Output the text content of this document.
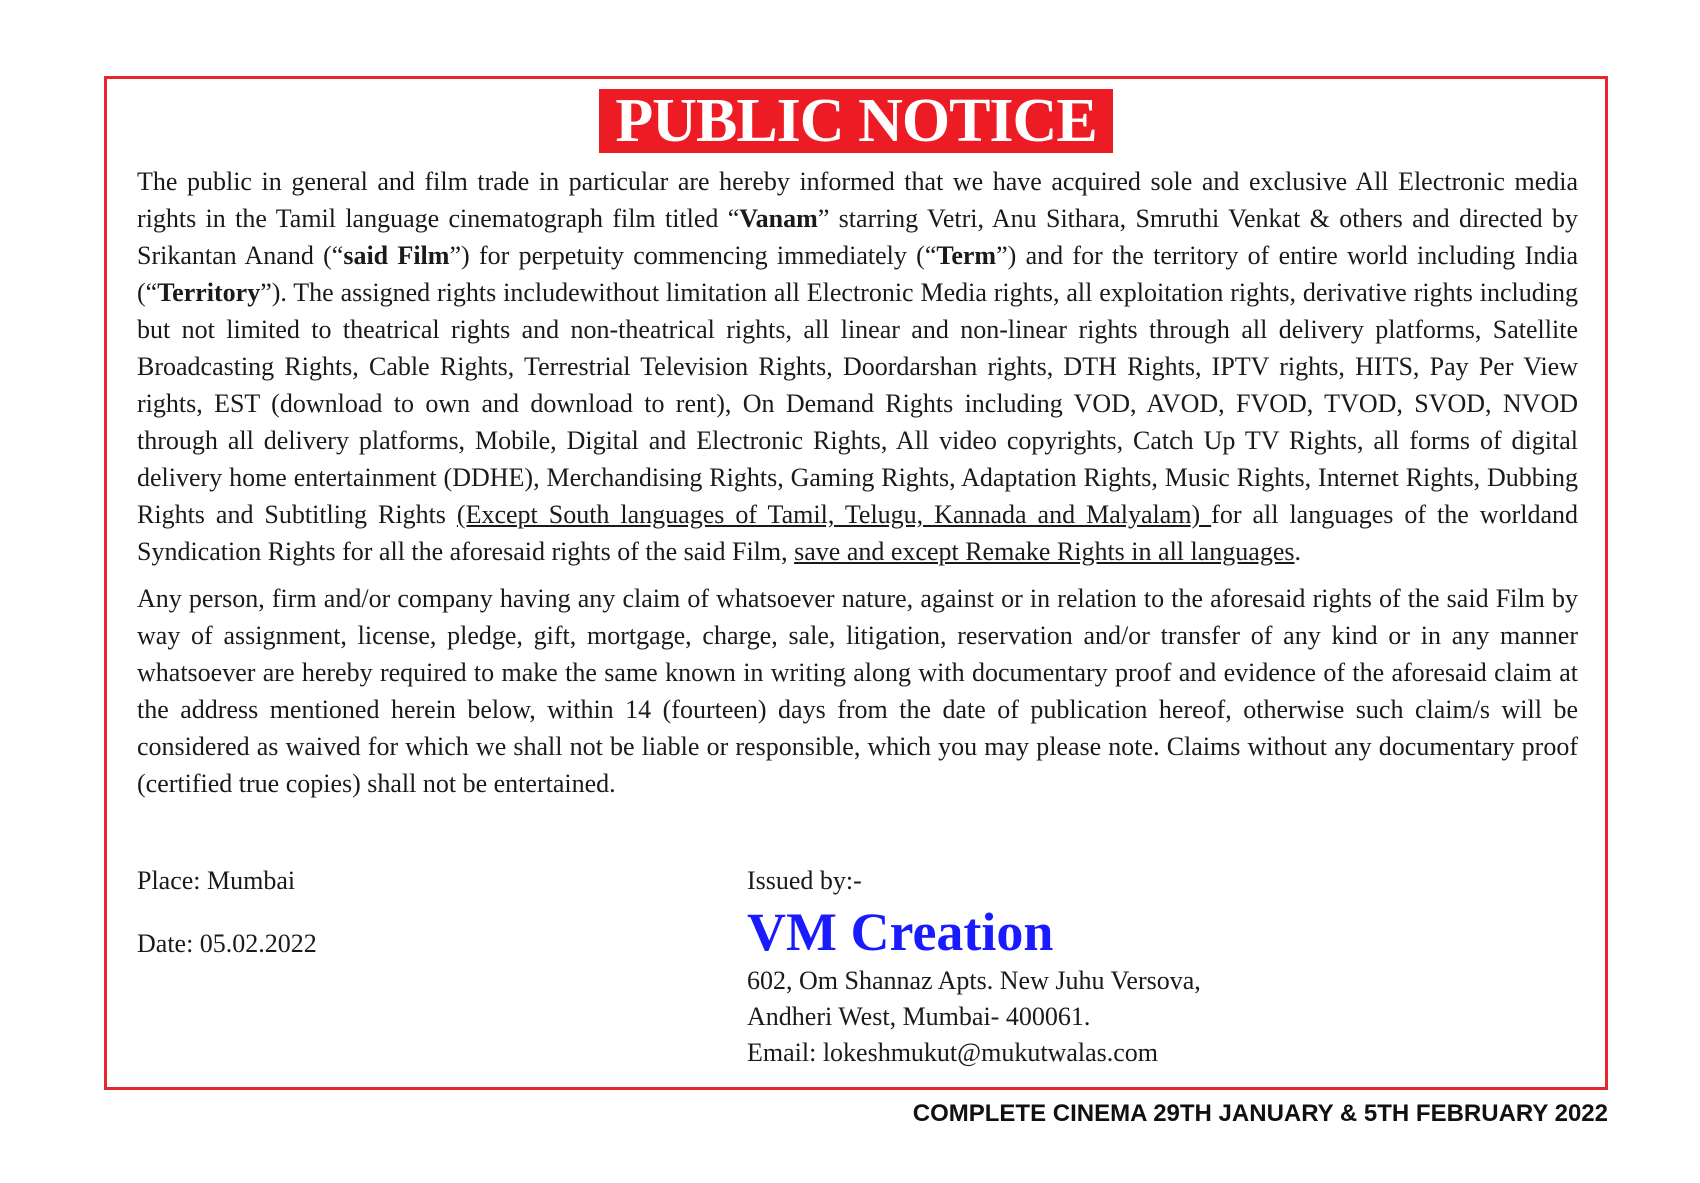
PUBLIC NOTICE

The public in general and film trade in particular are hereby informed that we have acquired sole and exclusive All Electronic media rights in the Tamil language cinematograph film titled “Vanam” starring Vetri, Anu Sithara, Smruthi Venkat & others and directed by Srikantan Anand (“said Film”) for perpetuity commencing immediately (“Term”) and for the territory of entire world including India (“Territory”). The assigned rights includewithout limitation all Electronic Media rights, all exploitation rights, derivative rights including but not limited to theatrical rights and non-theatrical rights, all linear and non-linear rights through all delivery platforms, Satellite Broadcasting Rights, Cable Rights, Terrestrial Television Rights, Doordarshan rights, DTH Rights, IPTV rights, HITS, Pay Per View rights, EST (download to own and download to rent), On Demand Rights including VOD, AVOD, FVOD, TVOD, SVOD, NVOD through all delivery platforms, Mobile, Digital and Electronic Rights, All video copyrights, Catch Up TV Rights, all forms of digital delivery home entertainment (DDHE), Merchandising Rights, Gaming Rights, Adaptation Rights, Music Rights, Internet Rights, Dubbing Rights and Subtitling Rights (Except South languages of Tamil, Telugu, Kannada and Malyalam) for all languages of the worldand Syndication Rights for all the aforesaid rights of the said Film, save and except Remake Rights in all languages.

Any person, firm and/or company having any claim of whatsoever nature, against or in relation to the aforesaid rights of the said Film by way of assignment, license, pledge, gift, mortgage, charge, sale, litigation, reservation and/or transfer of any kind or in any manner whatsoever are hereby required to make the same known in writing along with documentary proof and evidence of the aforesaid claim at the address mentioned herein below, within 14 (fourteen) days from the date of publication hereof, otherwise such claim/s will be considered as waived for which we shall not be liable or responsible, which you may please note. Claims without any documentary proof (certified true copies) shall not be entertained.

Place: Mumbai
Date: 05.02.2022
Issued by:-
VM Creation
602, Om Shannaz Apts. New Juhu Versova,
Andheri West, Mumbai- 400061.
Email: lokeshmukut@mukutwalas.com
COMPLETE CINEMA 29TH JANUARY & 5TH FEBRUARY 2022
